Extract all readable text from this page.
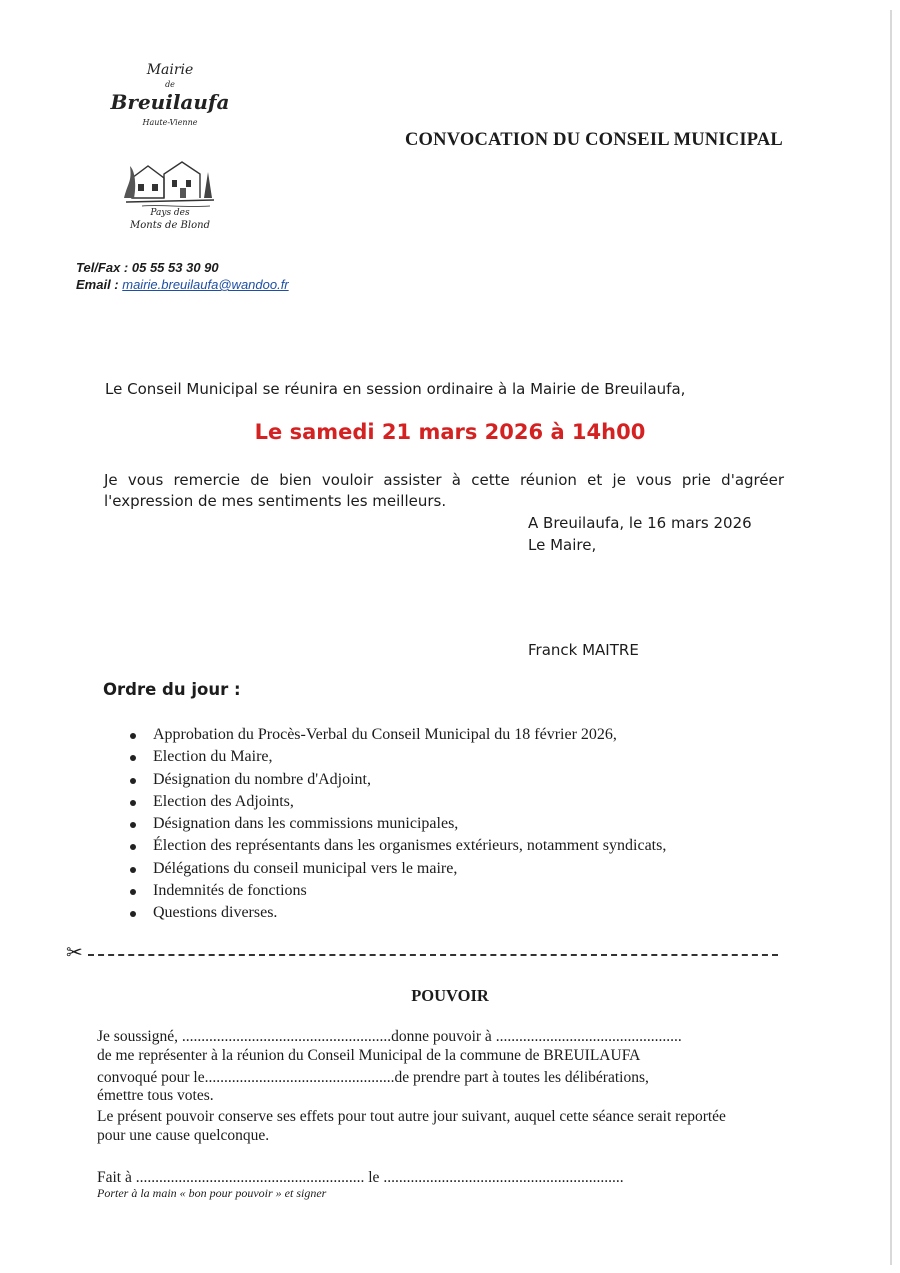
Mairie
de
Breuilaufa
Haute-Vienne
Pays des
Monts de Blond
CONVOCATION DU CONSEIL MUNICIPAL
Tel/Fax : 05 55 53 30 90
Email : mairie.breuilaufa@wandoo.fr
Le Conseil Municipal se réunira en session ordinaire à la Mairie de Breuilaufa,
Le samedi 21 mars 2026 à 14h00
Je vous remercie de bien vouloir assister à cette réunion et je vous prie d'agréer l'expression de mes sentiments les meilleurs.
A Breuilaufa, le 16 mars 2026
Le Maire,
Franck MAITRE
Ordre du jour :
Approbation du Procès-Verbal du Conseil Municipal du 18 février 2026,
Election du Maire,
Désignation du nombre d'Adjoint,
Election des Adjoints,
Désignation dans les commissions municipales,
Élection des représentants dans les organismes extérieurs, notamment syndicats,
Délégations du conseil municipal vers le maire,
Indemnités de fonctions
Questions diverses.
✂
POUVOIR
Je soussigné, ......................................................donne pouvoir à ................................................
de me représenter à la réunion du Conseil Municipal de la commune de BREUILAUFA
convoqué pour le.................................................de prendre part à toutes les délibérations,
émettre tous votes.
Le présent pouvoir conserve ses effets pour tout autre jour suivant, auquel cette séance serait reportée
pour une cause quelconque.
Fait à ........................................................... le ..............................................................
Porter à la main « bon pour pouvoir » et signer
